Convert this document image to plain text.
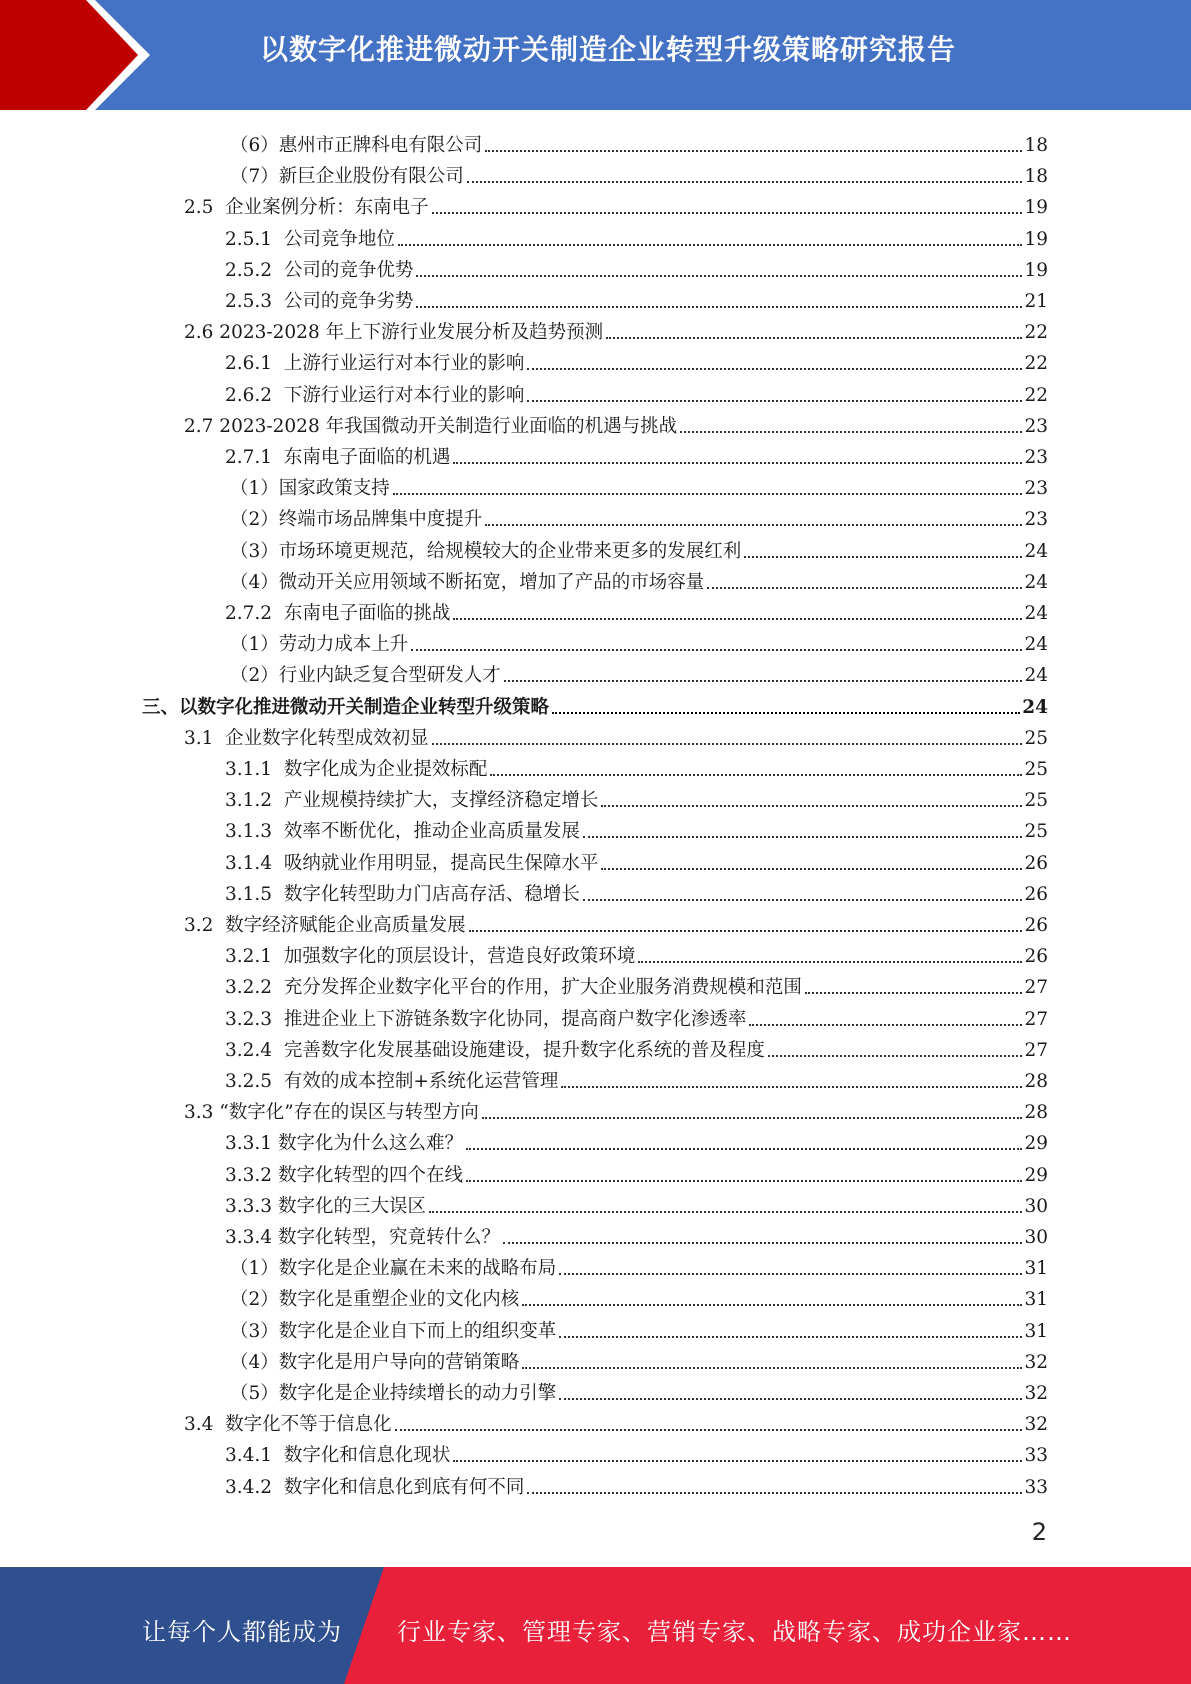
以数字化推进微动开关制造企业转型升级策略研究报告
（6）惠州市正牌科电有限公司	18
（7）新巨企业股份有限公司	18
2.5  企业案例分析：东南电子	19
2.5.1  公司竞争地位	19
2.5.2  公司的竞争优势	19
2.5.3  公司的竞争劣势	21
2.6 2023-2028 年上下游行业发展分析及趋势预测	22
2.6.1  上游行业运行对本行业的影响	22
2.6.2  下游行业运行对本行业的影响	22
2.7 2023-2028 年我国微动开关制造行业面临的机遇与挑战	23
2.7.1  东南电子面临的机遇	23
（1）国家政策支持	23
（2）终端市场品牌集中度提升	23
（3）市场环境更规范，给规模较大的企业带来更多的发展红利	24
（4）微动开关应用领域不断拓宽，增加了产品的市场容量	24
2.7.2  东南电子面临的挑战	24
（1）劳动力成本上升	24
（2）行业内缺乏复合型研发人才	24
三、以数字化推进微动开关制造企业转型升级策略	24
3.1  企业数字化转型成效初显	25
3.1.1  数字化成为企业提效标配	25
3.1.2  产业规模持续扩大，支撑经济稳定增长	25
3.1.3  效率不断优化，推动企业高质量发展	25
3.1.4  吸纳就业作用明显，提高民生保障水平	26
3.1.5  数字化转型助力门店高存活、稳增长	26
3.2  数字经济赋能企业高质量发展	26
3.2.1  加强数字化的顶层设计，营造良好政策环境	26
3.2.2  充分发挥企业数字化平台的作用，扩大企业服务消费规模和范围	27
3.2.3  推进企业上下游链条数字化协同，提高商户数字化渗透率	27
3.2.4  完善数字化发展基础设施建设，提升数字化系统的普及程度	27
3.2.5  有效的成本控制+系统化运营管理	28
3.3 “数字化”存在的误区与转型方向	28
3.3.1 数字化为什么这么难？	29
3.3.2 数字化转型的四个在线	29
3.3.3 数字化的三大误区	30
3.3.4 数字化转型，究竟转什么？	30
（1）数字化是企业赢在未来的战略布局	31
（2）数字化是重塑企业的文化内核	31
（3）数字化是企业自下而上的组织变革	31
（4）数字化是用户导向的营销策略	32
（5）数字化是企业持续增长的动力引擎	32
3.4  数字化不等于信息化	32
3.4.1  数字化和信息化现状	33
3.4.2  数字化和信息化到底有何不同	33
2
让每个人都能成为 行业专家、管理专家、营销专家、战略专家、成功企业家……
